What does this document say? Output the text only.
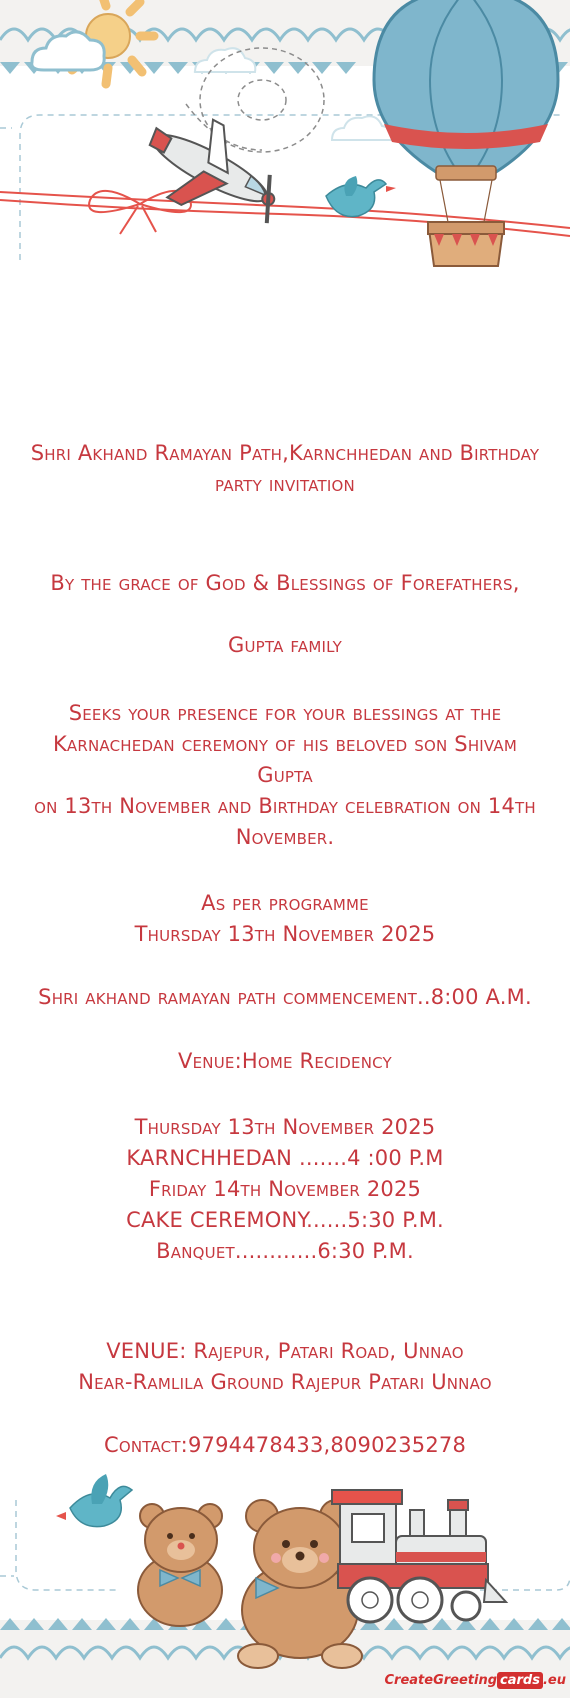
Shri Akhand Ramayan Path,Karnchhedan and Birthday
party invitation
By the grace of God & Blessings of Forefathers,
Gupta family
Seeks your presence for your blessings at the
Karnachedan ceremony of his beloved son Shivam Gupta
on 13th November and Birthday celebration on 14th
November.
As per programme
Thursday 13th November 2025
Shri akhand ramayan path commencement..8:00 A.M.
Venue:Home Recidency
Thursday 13th November 2025
KARNCHHEDAN .......4 :00 P.M
Friday 14th November 2025
CAKE CEREMONY......5:30 P.M.
Banquet............6:30 P.M.
VENUE: Rajepur, Patari Road, Unnao
Near-Ramlila Ground Rajepur Patari Unnao
Contact:9794478433,8090235278
CreateGreeting cards .eu
